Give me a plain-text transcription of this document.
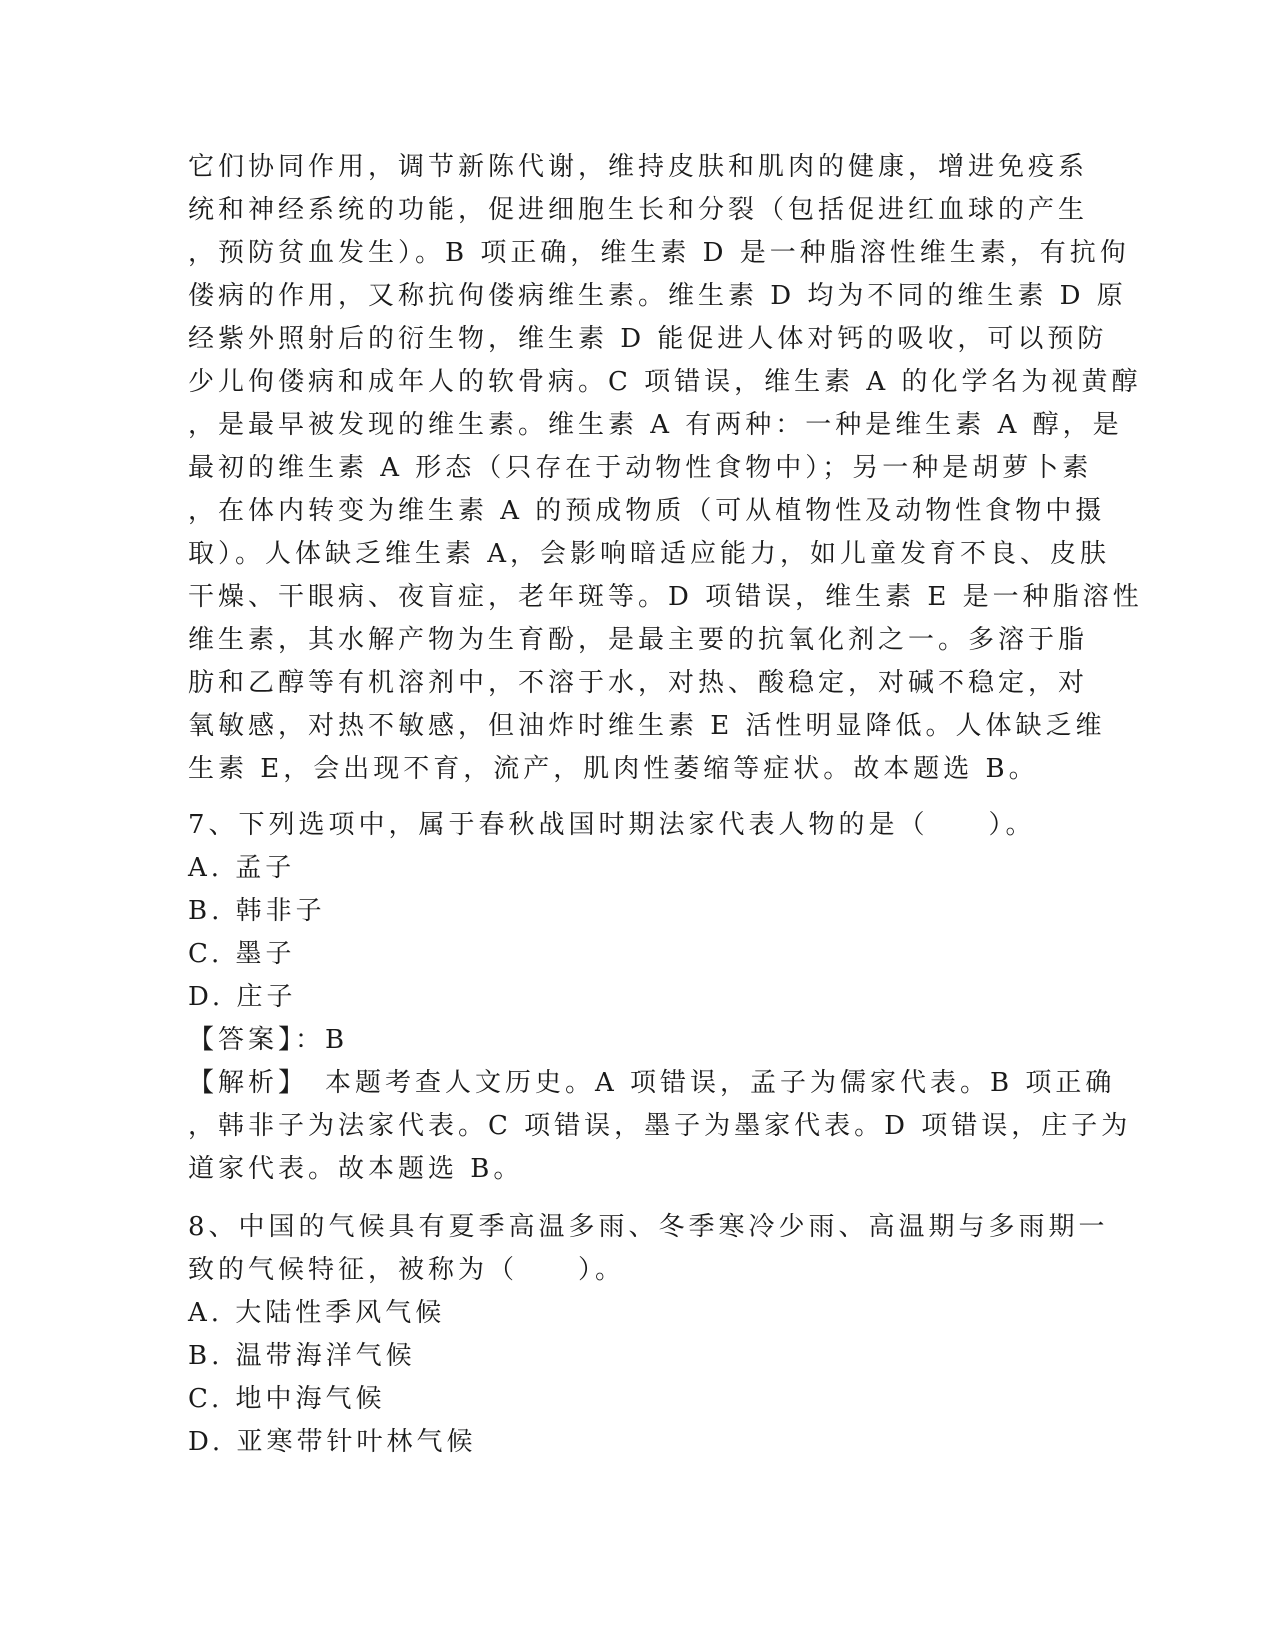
它们协同作用，调节新陈代谢，维持皮肤和肌肉的健康，增进免疫系
统和神经系统的功能，促进细胞生长和分裂（包括促进红血球的产生
，预防贫血发生）。B 项正确，维生素 D 是一种脂溶性维生素，有抗佝
偻病的作用，又称抗佝偻病维生素。维生素 D 均为不同的维生素 D 原
经紫外照射后的衍生物，维生素 D 能促进人体对钙的吸收，可以预防
少儿佝偻病和成年人的软骨病。C 项错误，维生素 A 的化学名为视黄醇
，是最早被发现的维生素。维生素 A 有两种：一种是维生素 A 醇，是
最初的维生素 A 形态（只存在于动物性食物中）；另一种是胡萝卜素
，在体内转变为维生素 A 的预成物质（可从植物性及动物性食物中摄
取）。人体缺乏维生素 A，会影响暗适应能力，如儿童发育不良、皮肤
干燥、干眼病、夜盲症，老年斑等。D 项错误，维生素 E 是一种脂溶性
维生素，其水解产物为生育酚，是最主要的抗氧化剂之一。多溶于脂
肪和乙醇等有机溶剂中，不溶于水，对热、酸稳定，对碱不稳定，对
氧敏感，对热不敏感，但油炸时维生素 E 活性明显降低。人体缺乏维
生素 E，会出现不育，流产，肌肉性萎缩等症状。故本题选 B。
7、下列选项中，属于春秋战国时期法家代表人物的是（　　）。
A. 孟子
B. 韩非子
C. 墨子
D. 庄子
【答案】：B
【解析】　本题考查人文历史。A 项错误，孟子为儒家代表。B 项正确
，韩非子为法家代表。C 项错误，墨子为墨家代表。D 项错误，庄子为
道家代表。故本题选 B。
8、中国的气候具有夏季高温多雨、冬季寒冷少雨、高温期与多雨期一
致的气候特征，被称为（　　）。
A. 大陆性季风气候
B. 温带海洋气候
C. 地中海气候
D. 亚寒带针叶林气候
